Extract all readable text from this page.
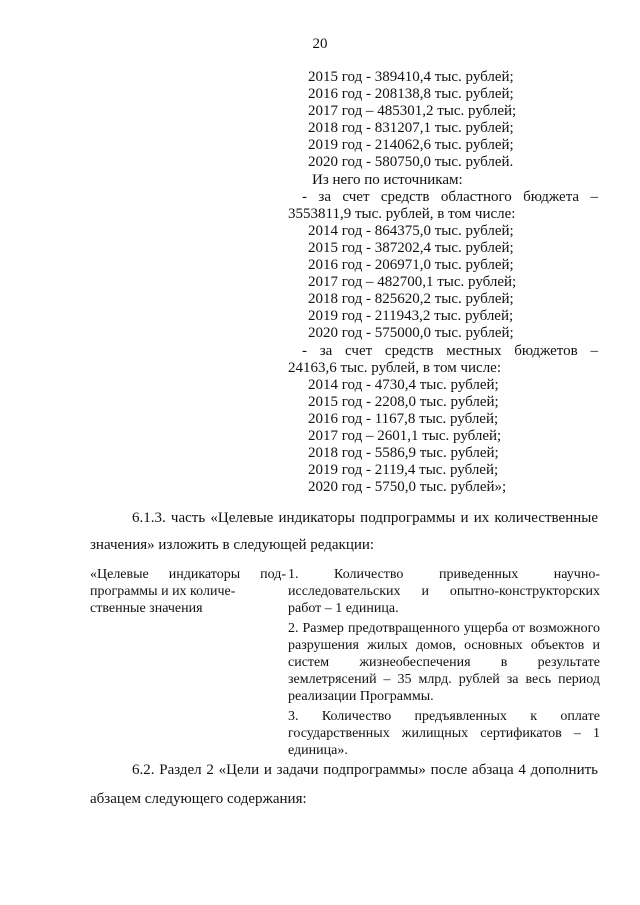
20
2015 год - 389410,4 тыс. рублей;
2016 год - 208138,8 тыс. рублей;
2017 год – 485301,2 тыс. рублей;
2018 год - 831207,1 тыс. рублей;
2019 год - 214062,6 тыс. рублей;
2020 год - 580750,0 тыс. рублей.
Из него по источникам:
- за счет средств областного бюджета –
3553811,9 тыс. рублей, в том числе:
2014 год - 864375,0 тыс. рублей;
2015 год - 387202,4 тыс. рублей;
2016 год - 206971,0 тыс. рублей;
2017 год – 482700,1 тыс. рублей;
2018 год - 825620,2 тыс. рублей;
2019 год - 211943,2 тыс. рублей;
2020 год - 575000,0 тыс. рублей;
- за счет средств местных бюджетов –
24163,6 тыс. рублей, в том числе:
2014 год - 4730,4 тыс. рублей;
2015 год - 2208,0 тыс. рублей;
2016 год - 1167,8 тыс. рублей;
2017 год – 2601,1 тыс. рублей;
2018 год - 5586,9 тыс. рублей;
2019 год - 2119,4 тыс. рублей;
2020 год - 5750,0 тыс. рублей»;
6.1.3. часть «Целевые индикаторы подпрограммы и их количественные
значения» изложить в следующей редакции:
«Целевые индикаторы под- программы и их количе-
ственные значения

1. Количество приведенных научно-исследовательских и опытно-конструкторских работ – 1 единица.

2. Размер предотвращенного ущерба от возможного разрушения жилых домов, основных объектов и систем жизнеобеспечения в результате землетрясений – 35 млрд. рублей за весь период реализации Программы.

3. Количество предъявленных к оплате государственных жилищных сертификатов – 1 единица».

6.2. Раздел 2 «Цели и задачи подпрограммы» после абзаца 4 дополнить
абзацем следующего содержания:
